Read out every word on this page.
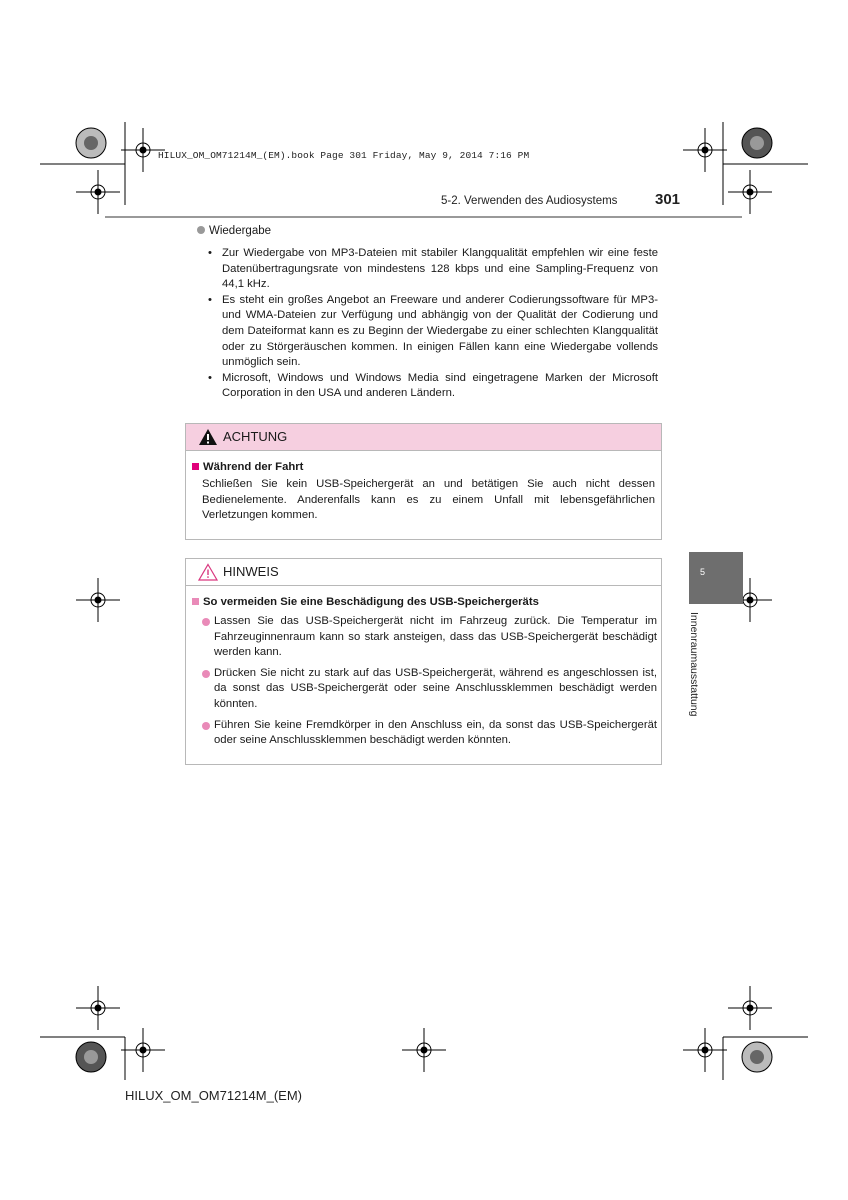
HILUX_OM_OM71214M_(EM).book Page 301 Friday, May 9, 2014 7:16 PM
5-2. Verwenden des Audiosystems	301
Wiedergabe
• Zur Wiedergabe von MP3-Dateien mit stabiler Klangqualität empfehlen wir eine feste Datenübertragungsrate von mindestens 128 kbps und eine Sampling-Frequenz von 44,1 kHz.
• Es steht ein großes Angebot an Freeware und anderer Codierungssoftware für MP3- und WMA-Dateien zur Verfügung und abhängig von der Qualität der Codierung und dem Dateiformat kann es zu Beginn der Wiedergabe zu einer schlechten Klangqualität oder zu Störgeräuschen kommen. In einigen Fällen kann eine Wiedergabe vollends unmöglich sein.
• Microsoft, Windows und Windows Media sind eingetragene Marken der Microsoft Corporation in den USA und anderen Ländern.
ACHTUNG
Während der Fahrt
Schließen Sie kein USB-Speichergerät an und betätigen Sie auch nicht dessen Bedienelemente. Anderenfalls kann es zu einem Unfall mit lebensgefährlichen Verletzungen kommen.
HINWEIS
So vermeiden Sie eine Beschädigung des USB-Speichergeräts
Lassen Sie das USB-Speichergerät nicht im Fahrzeug zurück. Die Temperatur im Fahrzeuginnenraum kann so stark ansteigen, dass das USB-Speichergerät beschädigt werden kann.
Drücken Sie nicht zu stark auf das USB-Speichergerät, während es angeschlossen ist, da sonst das USB-Speichergerät oder seine Anschlussklemmen beschädigt werden könnten.
Führen Sie keine Fremdkörper in den Anschluss ein, da sonst das USB-Speichergerät oder seine Anschlussklemmen beschädigt werden könnten.
5
Innenraumausstattung
HILUX_OM_OM71214M_(EM)
